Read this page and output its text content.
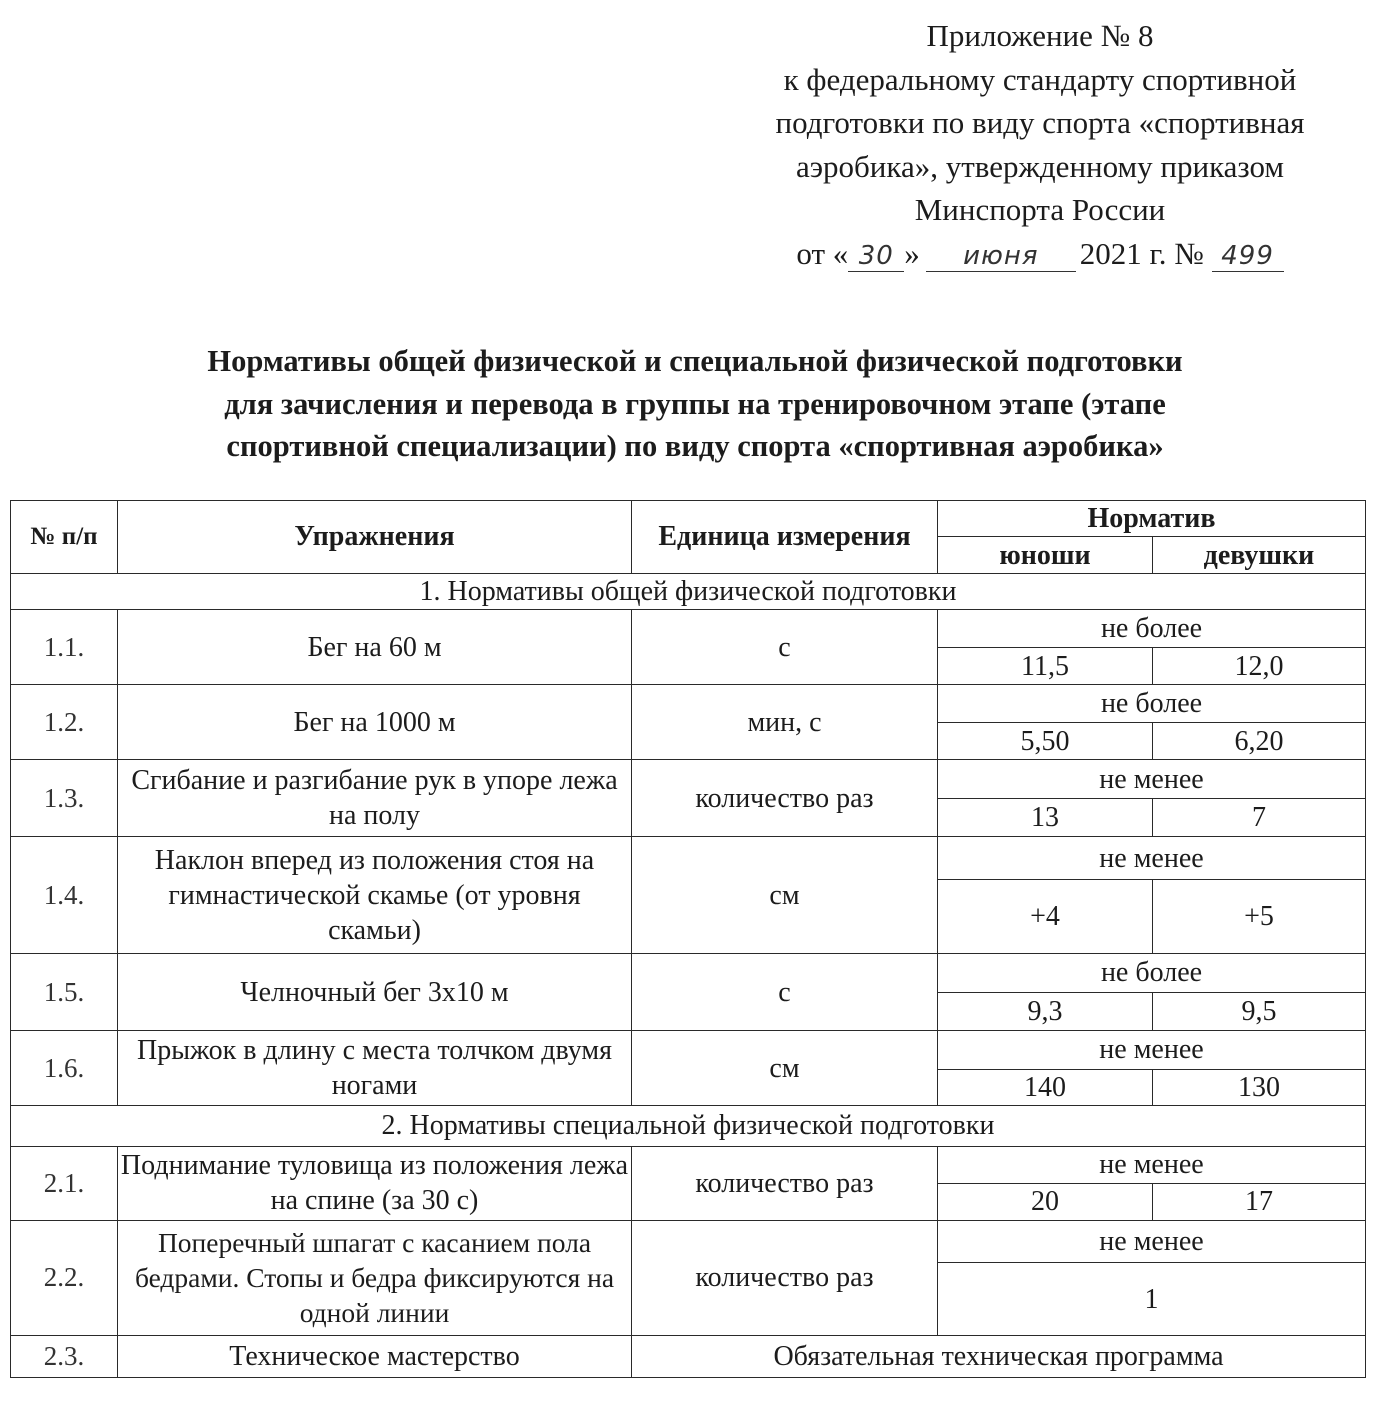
Приложение № 8
к федеральному стандарту спортивной
подготовки по виду спорта «спортивная
аэробика», утвержденному приказом
Минспорта России
от « 30 » июня 2021 г. № 499
Нормативы общей физической и специальной физической подготовки
для зачисления и перевода в группы на тренировочном этапе (этапе
спортивной специализации) по виду спорта «спортивная аэробика»
№ п/п	Упражнения	Единица измерения	Норматив	
			юноши	девушки
1. Нормативы общей физической подготовки				
1.1.	Бег на 60 м	с	не более	
			11,5	12,0
1.2.	Бег на 1000 м	мин, с	не более	
			5,50	6,20
1.3.	Сгибание и разгибание рук в упоре лежа на полу	количество раз	не менее	
			13	7
1.4.	Наклон вперед из положения стоя на гимнастической скамье (от уровня скамьи)	см	не менее	
			+4	+5
1.5.	Челночный бег 3х10 м	с	не более	
			9,3	9,5
1.6.	Прыжок в длину с места толчком двумя ногами	см	не менее	
			140	130
2. Нормативы специальной физической подготовки				
2.1.	Поднимание туловища из положения лежа на спине (за 30 с)	количество раз	не менее	
			20	17
2.2.	Поперечный шпагат с касанием пола бедрами. Стопы и бедра фиксируются на одной линии	количество раз	не менее	
			1	
2.3.	Техническое мастерство	Обязательная техническая программа		
